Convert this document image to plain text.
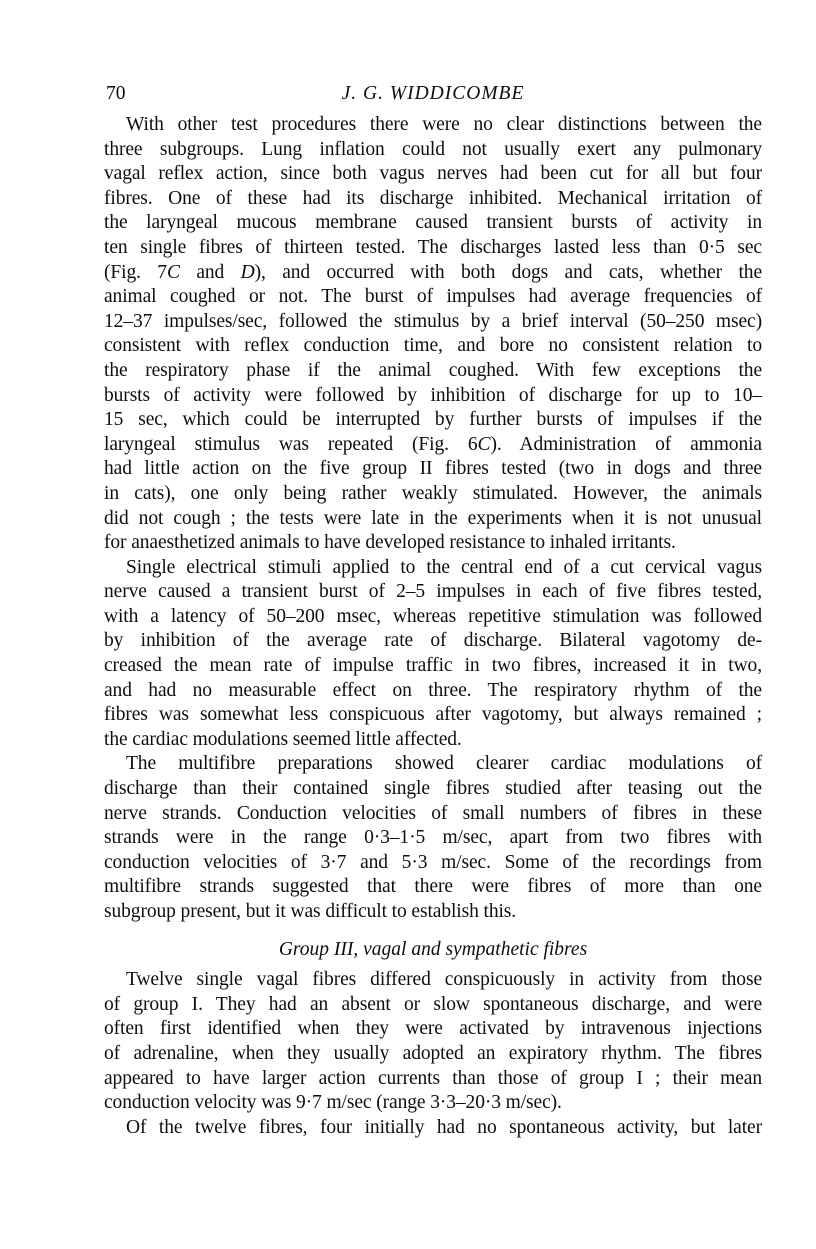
70	J. G. WIDDICOMBE
With other test procedures there were no clear distinctions between the
three subgroups. Lung inflation could not usually exert any pulmonary
vagal reflex action, since both vagus nerves had been cut for all but four
fibres. One of these had its discharge inhibited. Mechanical irritation of
the laryngeal mucous membrane caused transient bursts of activity in
ten single fibres of thirteen tested. The discharges lasted less than 0·5 sec
(Fig. 7C and D), and occurred with both dogs and cats, whether the
animal coughed or not. The burst of impulses had average frequencies of
12–37 impulses/sec, followed the stimulus by a brief interval (50–250 msec)
consistent with reflex conduction time, and bore no consistent relation to
the respiratory phase if the animal coughed. With few exceptions the
bursts of activity were followed by inhibition of discharge for up to 10–
15 sec, which could be interrupted by further bursts of impulses if the
laryngeal stimulus was repeated (Fig. 6C). Administration of ammonia
had little action on the five group II fibres tested (two in dogs and three
in cats), one only being rather weakly stimulated. However, the animals
did not cough ; the tests were late in the experiments when it is not unusual
for anaesthetized animals to have developed resistance to inhaled irritants.
Single electrical stimuli applied to the central end of a cut cervical vagus
nerve caused a transient burst of 2–5 impulses in each of five fibres tested,
with a latency of 50–200 msec, whereas repetitive stimulation was followed
by inhibition of the average rate of discharge. Bilateral vagotomy de-
creased the mean rate of impulse traffic in two fibres, increased it in two,
and had no measurable effect on three. The respiratory rhythm of the
fibres was somewhat less conspicuous after vagotomy, but always remained ;
the cardiac modulations seemed little affected.
The multifibre preparations showed clearer cardiac modulations of
discharge than their contained single fibres studied after teasing out the
nerve strands. Conduction velocities of small numbers of fibres in these
strands were in the range 0·3–1·5 m/sec, apart from two fibres with
conduction velocities of 3·7 and 5·3 m/sec. Some of the recordings from
multifibre strands suggested that there were fibres of more than one
subgroup present, but it was difficult to establish this.
Group III, vagal and sympathetic fibres
Twelve single vagal fibres differed conspicuously in activity from those
of group I. They had an absent or slow spontaneous discharge, and were
often first identified when they were activated by intravenous injections
of adrenaline, when they usually adopted an expiratory rhythm. The fibres
appeared to have larger action currents than those of group I ; their mean
conduction velocity was 9·7 m/sec (range 3·3–20·3 m/sec).
Of the twelve fibres, four initially had no spontaneous activity, but later
